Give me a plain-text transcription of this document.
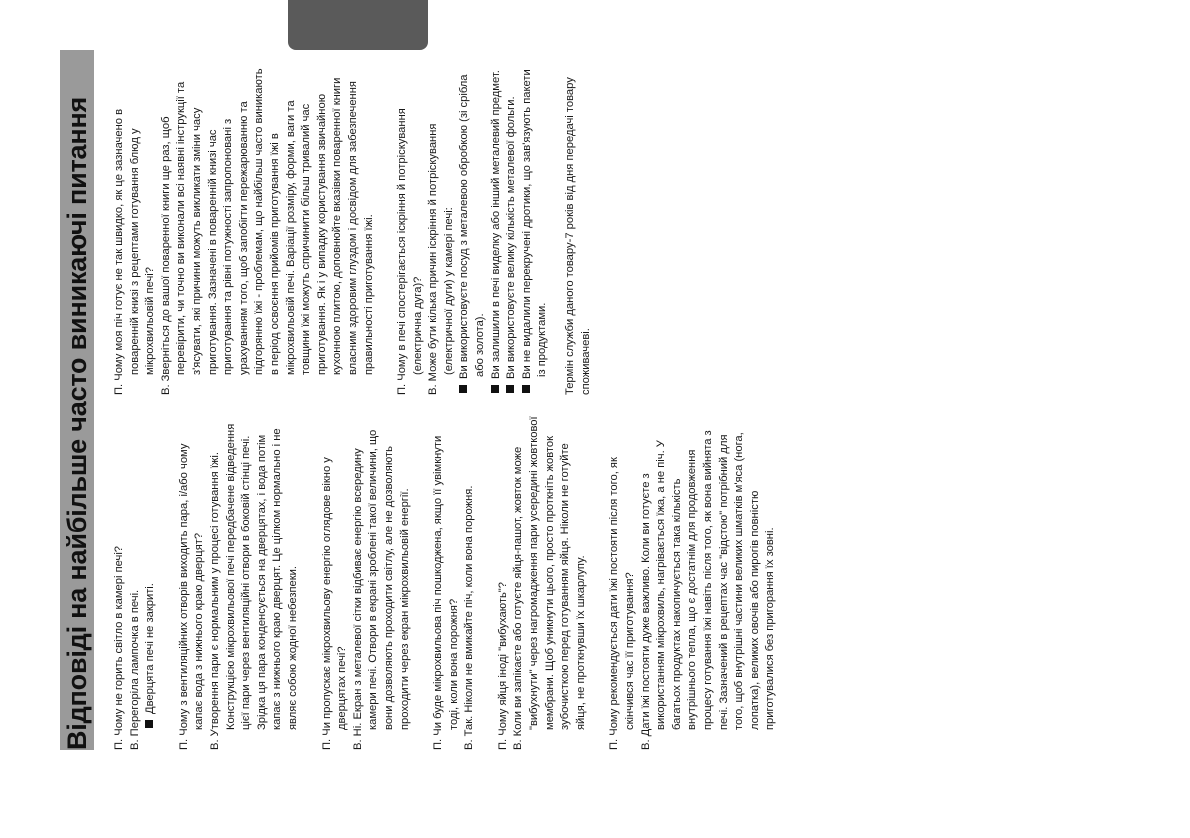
Відповіді на найбільше часто виникаючі питання П. Чому не горить світло в камері печі? В. Перегоріла лампочка в печі. Дверцята печі не закриті. П. Чому з вентиляційних отворів виходить пара, і/або чому капає вода з нижнього краю дверцят? В. Утворення пари є нормальним у процесі готування їжі. Конструкцією мікрохвильової печі передбачене відведення цієї пари через вентиляційні отвори в боковій стінці печі. Зрідка ця пара конденсується на дверцятах, і вода потім капає з нижнього краю дверцят. Це цілком нормально і не являє собою жодної небезпеки. П. Чи пропускає мікрохвильову енергію оглядове вікно у дверцятах печі? В. Ні. Екран з металевої сітки відбиває енергію всередину камери печі. Отвори в екрані зроблені такої величини, що вони дозволяють проходити світлу, але не дозволяють проходити через екран мікрохвильовій енергії. П. Чи буде мікрохвильова піч пошкоджена, якщо її увімкнути тоді, коли вона порожня? В. Так. Ніколи не вмикайте піч, коли вона порожня. П. Чому яйця іноді "вибухають"? В. Коли ви запікаєте або готуєте яйця-пашот, жовток може "вибухнути" через нагромадження пари усередині жовткової мембрани. Щоб уникнути цього, просто проткніть жовток зубочисткою перед готуванням яйця. Ніколи не готуйте яйця, не проткнувши їх шкарлупу. П. Чому рекомендується дати їжі постояти після того, як скінчився час її приготування? В. Дати їжі постояти дуже важливо. Коли ви готуєте з використанням мікрохвиль, нагрівається їжа, а не піч. У багатьох продуктах накопичується така кількість внутрішнього тепла, що є достатнім для продовження процесу готування їжі навіть після того, як вона вийнята з печі. Зазначений в рецептах час "відстою" потрібний для того, щоб внутрішні частини великих шматків м'яса (нога, лопатка), великих овочів або пирогів повністю приготувалися без пригорання їх зовні.

П. Чому моя піч готує не так швидко, як це зазначено в поваренній книзі з рецептами готування блюд у мікрохвильовій печі? В. Зверніться до вашої поваренної книги ще раз, щоб перевірити, чи точно ви виконали всі наявні інструкції та з'ясувати, які причини можуть викликати зміни часу приготування. Зазначені в поваренній книзі час приготування та рівні потужності запропоновані з урахуванням того, щоб запобігти пережарюванню та підгорянню їжі - проблемам, що найбільш часто виникають в період освоєння прийомів приготування їжі в мікрохвильовій печі. Варіації розміру, форми, ваги та товщини їжі можуть спричинити більш тривалий час приготування. Як і у випадку користування звичайною кухонною плитою, доповнюйте вказівки поваренної книги власним здоровим глуздом і досвідом для забезпечення правильності приготування їжі. П. Чому в печі спостерігається іскріння й потріскування (електрична дуга)? В. Може бути кілька причин іскріння й потріскування (електричної дуги) у камері печі: Ви використовуєте посуд з металевою обробкою (зі срібла або золота). Ви залишили в печі виделку або інший металевий предмет. Ви використовуєте велику кількість металевої фольги. Ви не видалили перекручені дротики, що зав'язують пакети із продуктами. Термін служби даного товару-7 років від дня передачі товару споживачеві.
